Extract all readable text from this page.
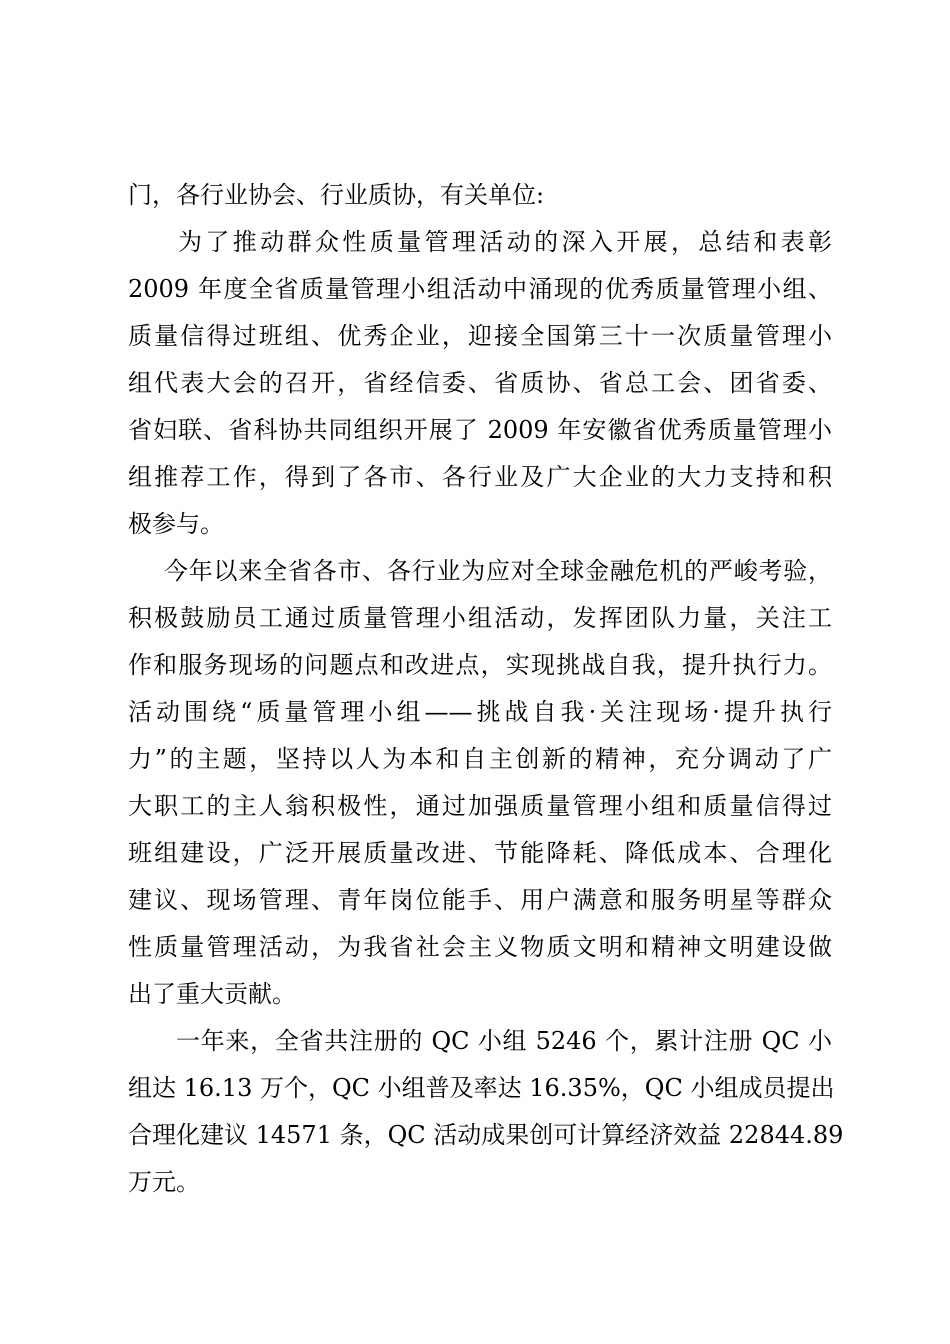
门，各行业协会、行业质协，有关单位:
为了推动群众性质量管理活动的深入开展，总结和表彰
2009 年度全省质量管理小组活动中涌现的优秀质量管理小组、
质量信得过班组、优秀企业，迎接全国第三十一次质量管理小
组代表大会的召开，省经信委、省质协、省总工会、团省委、
省妇联、省科协共同组织开展了 2009 年安徽省优秀质量管理小
组推荐工作，得到了各市、各行业及广大企业的大力支持和积
极参与。
今年以来全省各市、各行业为应对全球金融危机的严峻考验，
积极鼓励员工通过质量管理小组活动，发挥团队力量，关注工
作和服务现场的问题点和改进点，实现挑战自我，提升执行力。
活动围绕“质量管理小组——挑战自我·关注现场·提升执行
力”的主题，坚持以人为本和自主创新的精神，充分调动了广
大职工的主人翁积极性，通过加强质量管理小组和质量信得过
班组建设，广泛开展质量改进、节能降耗、降低成本、合理化
建议、现场管理、青年岗位能手、用户满意和服务明星等群众
性质量管理活动，为我省社会主义物质文明和精神文明建设做
出了重大贡献。
一年来，全省共注册的 QC 小组 5246 个，累计注册 QC 小
组达 16.13 万个，QC 小组普及率达 16.35%，QC 小组成员提出
合理化建议 14571 条，QC 活动成果创可计算经济效益 22844.89
万元。
